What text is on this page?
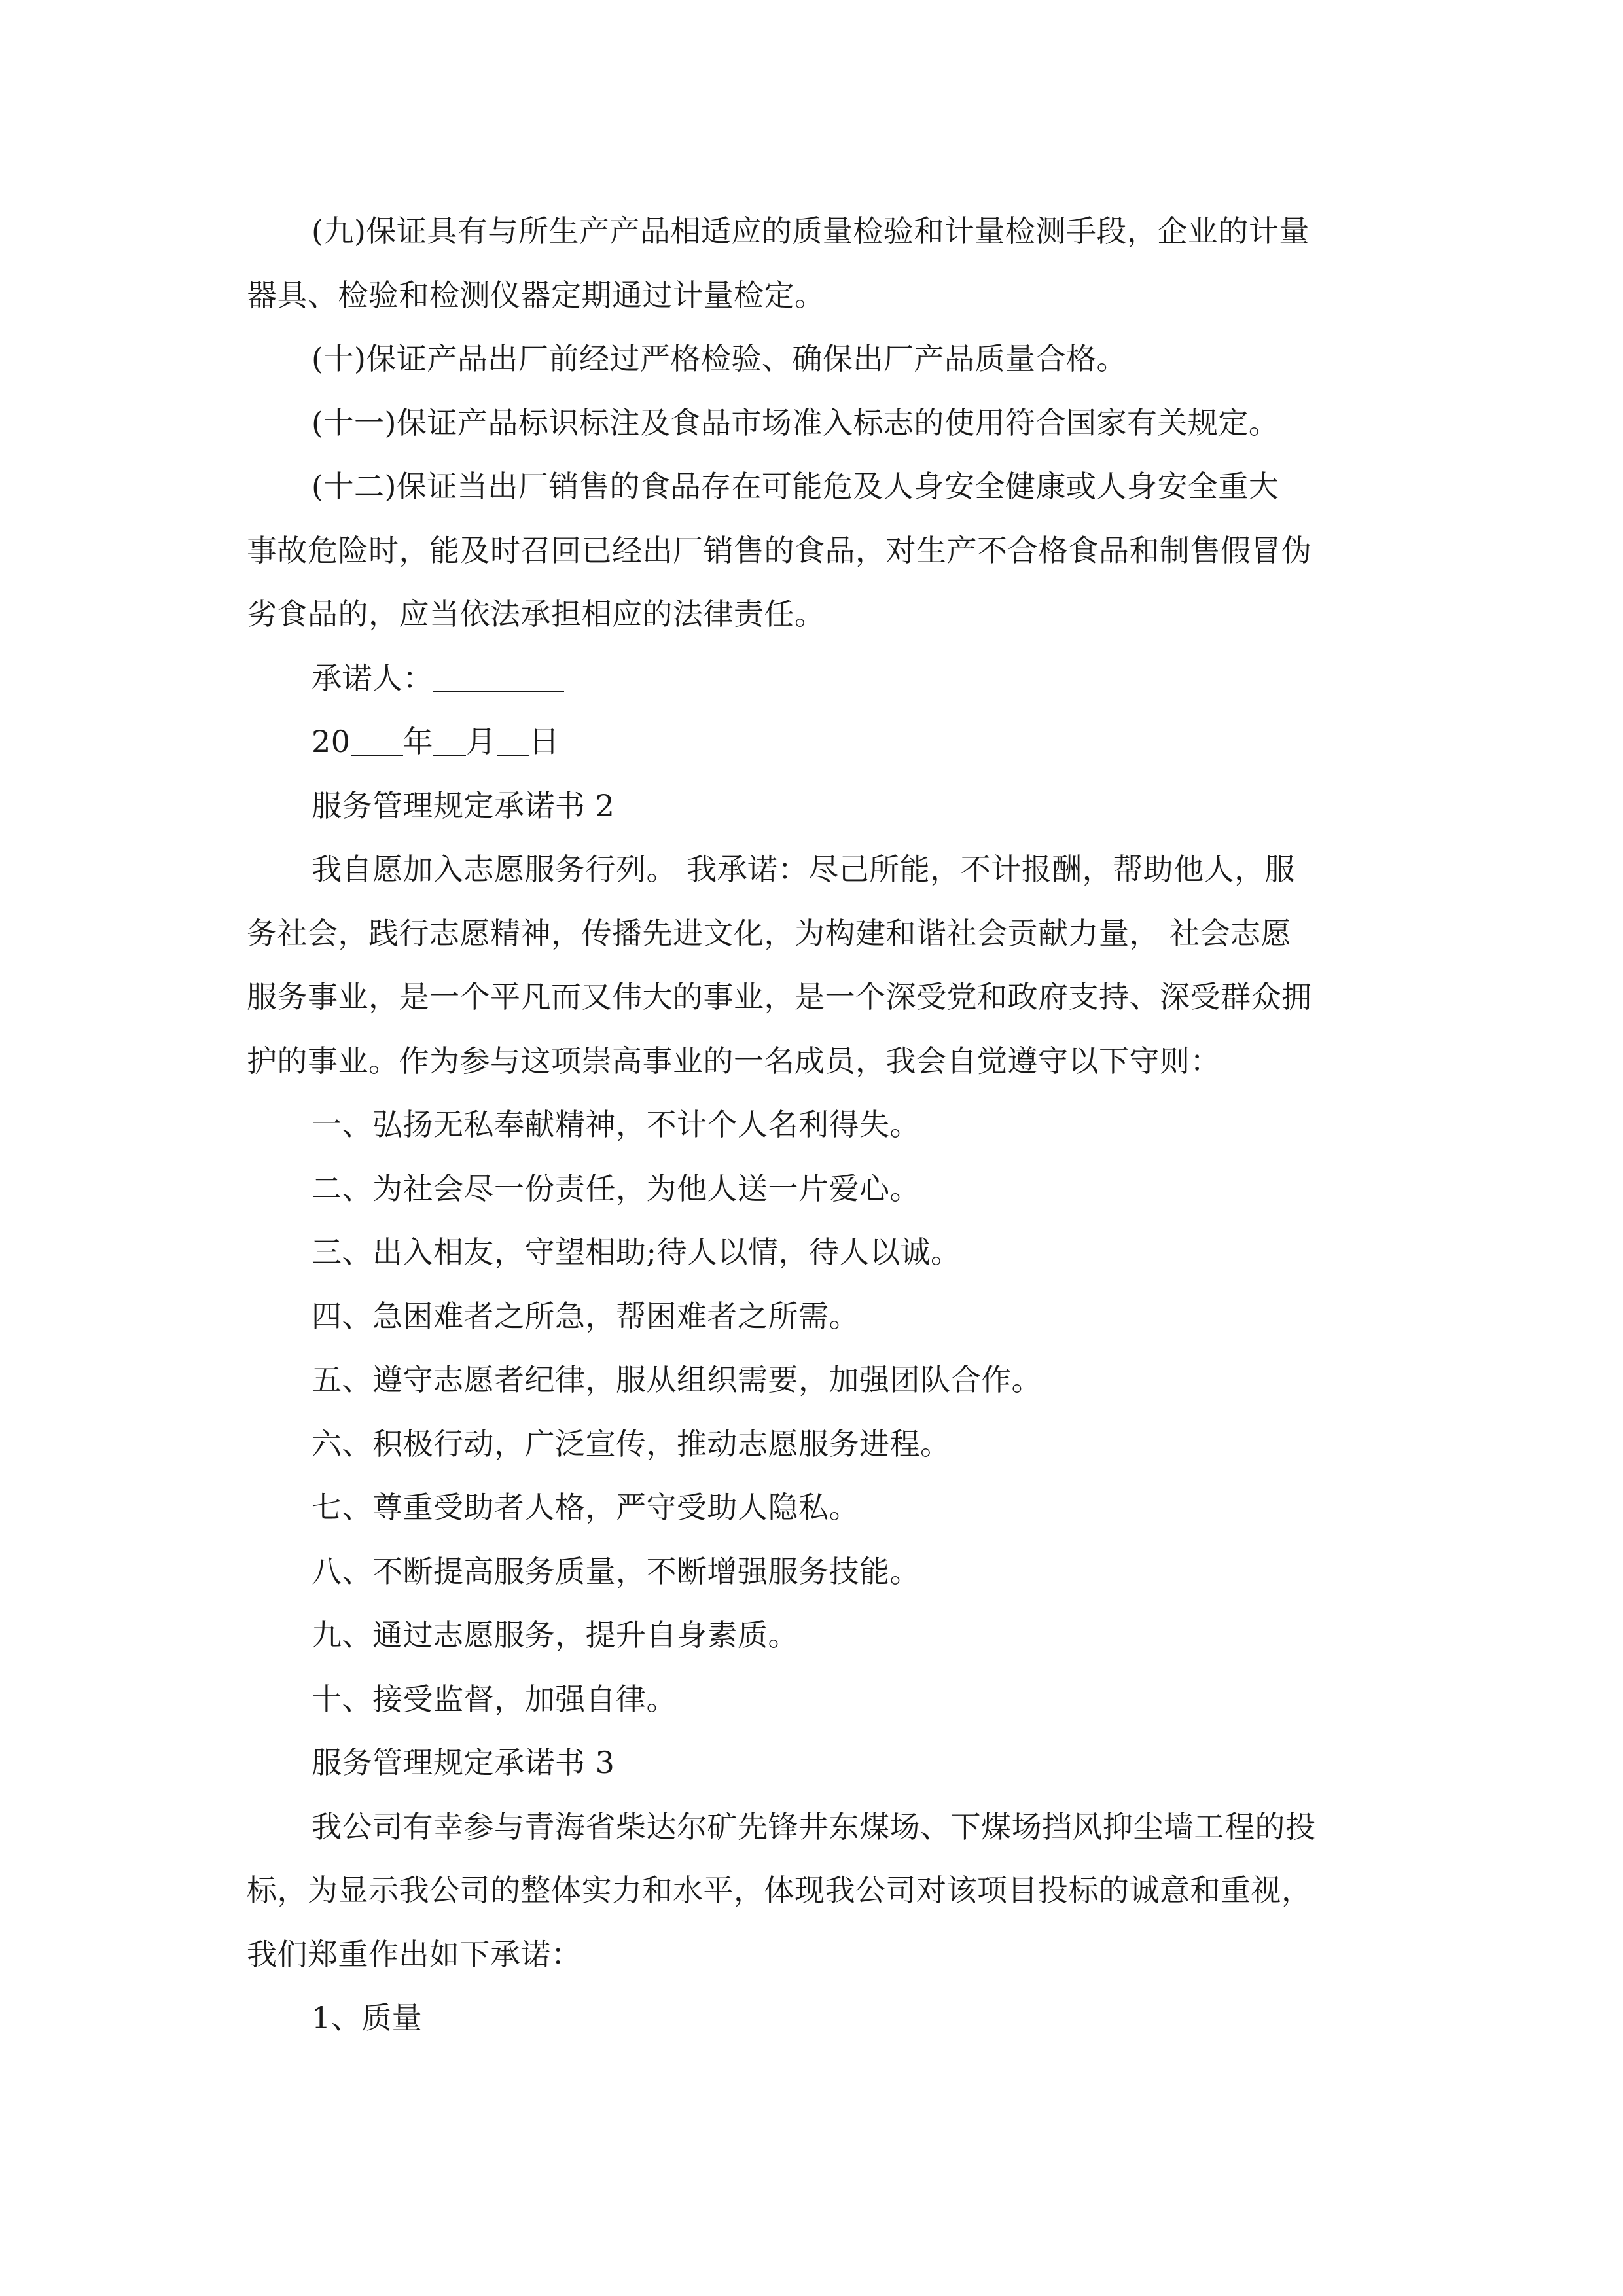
(九)保证具有与所生产产品相适应的质量检验和计量检测手段，企业的计量
器具、检验和检测仪器定期通过计量检定。
(十)保证产品出厂前经过严格检验、确保出厂产品质量合格。
(十一)保证产品标识标注及食品市场准入标志的使用符合国家有关规定。
(十二)保证当出厂销售的食品存在可能危及人身安全健康或人身安全重大
事故危险时，能及时召回已经出厂销售的食品，对生产不合格食品和制售假冒伪
劣食品的，应当依法承担相应的法律责任。
承诺人：
20 年 月 日
服务管理规定承诺书 2
我自愿加入志愿服务行列。 我承诺：尽己所能，不计报酬，帮助他人，服
务社会，践行志愿精神，传播先进文化，为构建和谐社会贡献力量， 社会志愿
服务事业，是一个平凡而又伟大的事业，是一个深受党和政府支持、深受群众拥
护的事业。作为参与这项崇高事业的一名成员，我会自觉遵守以下守则：
一、弘扬无私奉献精神，不计个人名利得失。
二、为社会尽一份责任，为他人送一片爱心。
三、出入相友，守望相助;待人以情，待人以诚。
四、急困难者之所急，帮困难者之所需。
五、遵守志愿者纪律，服从组织需要，加强团队合作。
六、积极行动，广泛宣传，推动志愿服务进程。
七、尊重受助者人格，严守受助人隐私。
八、不断提高服务质量，不断增强服务技能。
九、通过志愿服务，提升自身素质。
十、接受监督，加强自律。
服务管理规定承诺书 3
我公司有幸参与青海省柴达尔矿先锋井东煤场、下煤场挡风抑尘墙工程的投
标，为显示我公司的整体实力和水平，体现我公司对该项目投标的诚意和重视，
我们郑重作出如下承诺：
1、质量
